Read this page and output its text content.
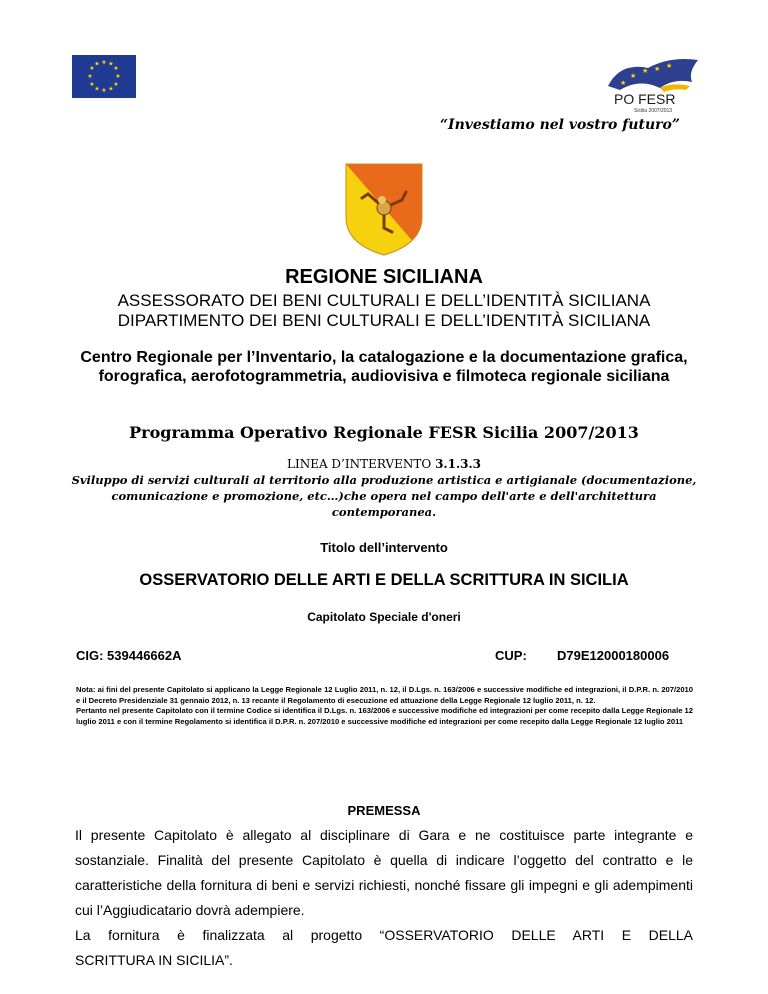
★ ★
★
★
★
★
★
★
★
★
★
★
★
★ ★ ★
★
PO FESR
Sicilia 2007/2013
“Investiamo nel vostro futuro”
REGIONE SICILIANA
ASSESSORATO DEI BENI CULTURALI E DELL’IDENTITÀ SICILIANA
DIPARTIMENTO DEI BENI CULTURALI E DELL’IDENTITÀ SICILIANA
Centro Regionale per l’Inventario, la catalogazione e la documentazione grafica, forografica, aerofotogrammetria, audiovisiva e filmoteca regionale siciliana
Programma Operativo Regionale FESR Sicilia 2007/2013
LINEA D’INTERVENTO 3.1.3.3
Sviluppo di servizi culturali al territorio alla produzione artistica e artigianale (documentazione, comunicazione e promozione, etc…)che opera nel campo dell'arte e dell'architettura contemporanea.
Titolo dell’intervento
OSSERVATORIO DELLE ARTI E DELLA SCRITTURA IN SICILIA
Capitolato Speciale d'oneri
CIG: 539446662A	CUP: D79E12000180006

Nota: ai fini del presente Capitolato si applicano la Legge Regionale 12 Luglio 2011, n. 12, il D.Lgs. n. 163/2006 e successive modifiche ed integrazioni, il D.P.R. n. 207/2010 e il Decreto Presidenziale 31 gennaio 2012, n. 13 recante il Regolamento di esecuzione ed attuazione della Legge Regionale 12 luglio 2011, n. 12.

Pertanto nel presente Capitolato con il termine Codice si identifica il D.Lgs. n. 163/2006 e successive modifiche ed integrazioni per come recepito dalla Legge Regionale 12 luglio 2011 e con il termine Regolamento si identifica il D.P.R. n. 207/2010 e successive modifiche ed integrazioni per come recepito dalla Legge Regionale 12 luglio 2011

PREMESSA

Il presente Capitolato è allegato al disciplinare di Gara e ne costituisce parte integrante e sostanziale. Finalità del presente Capitolato è quella di indicare l’oggetto del contratto e le caratteristiche della fornitura di beni e servizi richiesti, nonché fissare gli impegni e gli adempimenti cui l’Aggiudicatario dovrà adempiere.

La fornitura è finalizzata al progetto “OSSERVATORIO DELLE ARTI E DELLA

SCRITTURA IN SICILIA”.
